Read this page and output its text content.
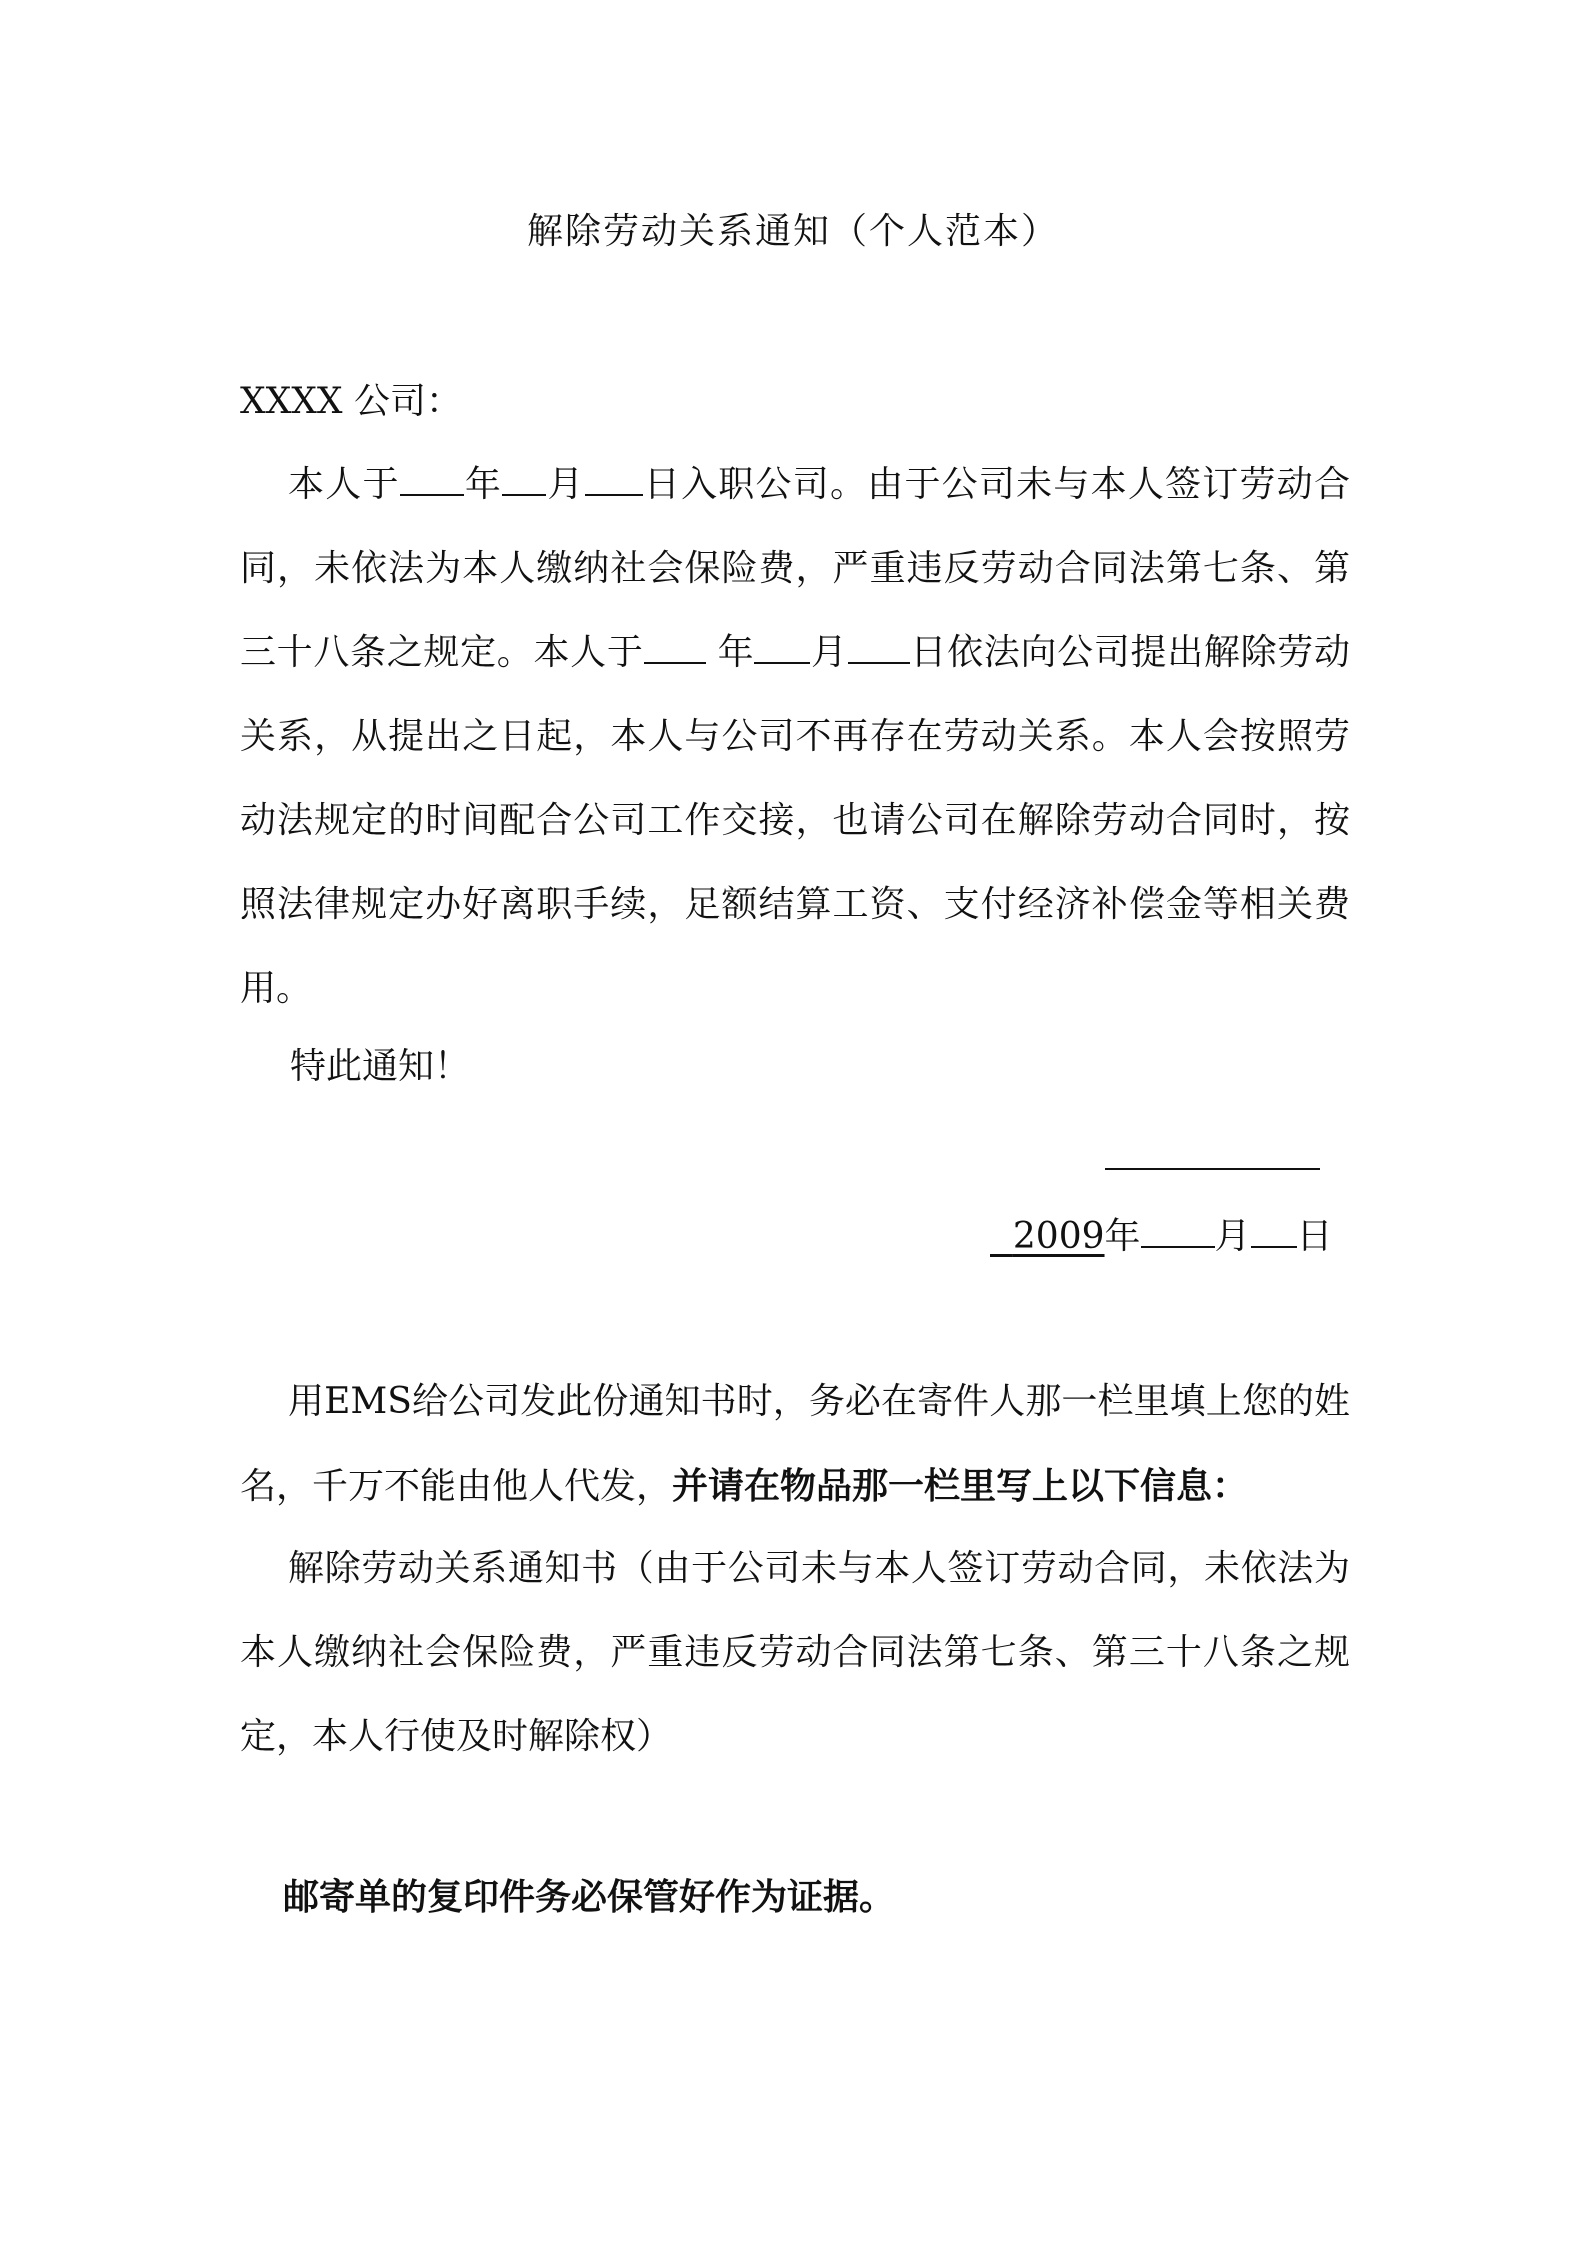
解除劳动关系通知（个人范本）

XXXX 公司：

本人于 年 月 日入职公司。由于公司未与本人签订劳动合同，未依法为本人缴纳社会保险费，严重违反劳动合同法第七条、第三十八条之规定。本人于 年 月 日依法向公司提出解除劳动关系，从提出之日起，本人与公司不再存在劳动关系。本人会按照劳动法规定的时间配合公司工作交接，也请公司在解除劳动合同时，按照法律规定办好离职手续，足额结算工资、支付经济补偿金等相关费用。

特此通知！

2009年 月 日

用EMS给公司发此份通知书时，务必在寄件人那一栏里填上您的姓名，千万不能由他人代发，并请在物品那一栏里写上以下信息：

解除劳动关系通知书（由于公司未与本人签订劳动合同，未依法为本人缴纳社会保险费，严重违反劳动合同法第七条、第三十八条之规定，本人行使及时解除权）

邮寄单的复印件务必保管好作为证据。
